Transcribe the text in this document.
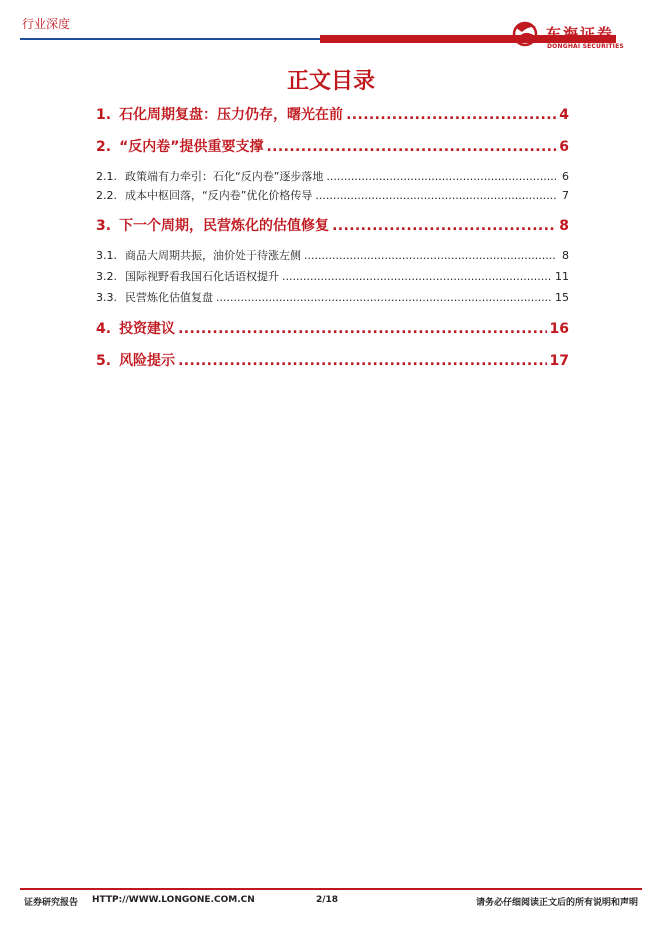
行业深度
东海证券
DONGHAI SECURITIES
正文目录
1. 石化周期复盘：压力仍存，曙光在前 .....	4
2. “反内卷”提供重要支撑 .....	6
2.1. 政策端有力牵引：石化“反内卷”逐步落地 .....	6
2.2. 成本中枢回落，“反内卷”优化价格传导 .....	7
3. 下一个周期，民营炼化的估值修复 .....	8
3.1. 商品大周期共振，油价处于待涨左侧 .....	8
3.2. 国际视野看我国石化话语权提升 .....	11
3.3. 民营炼化估值复盘 .....	15
4. 投资建议 .....	16
5. 风险提示 .....	17
证券研究报告 HTTP://WWW.LONGONE.COM.CN	2/18	请务必仔细阅读正文后的所有说明和声明
